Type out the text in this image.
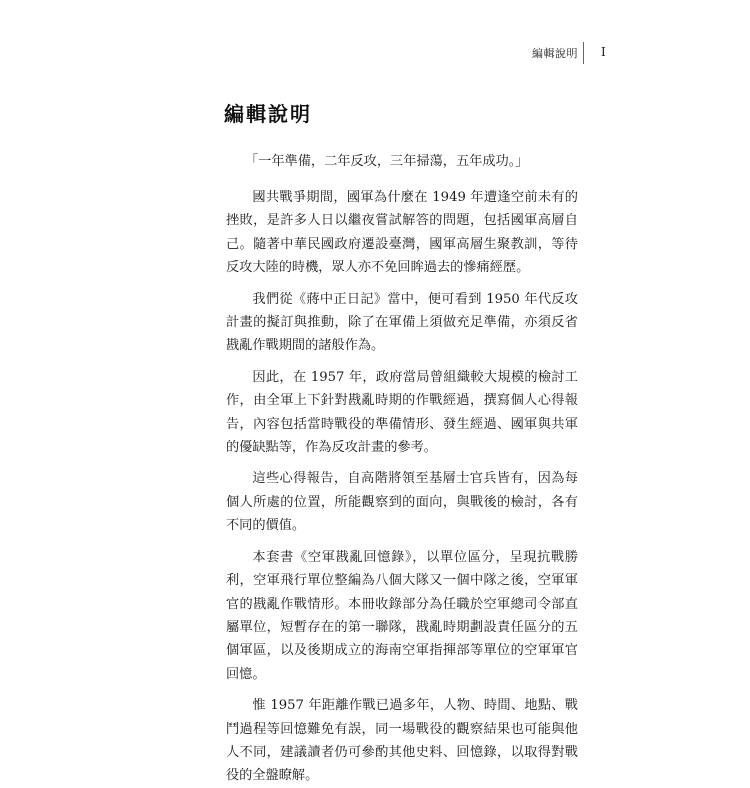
編輯說明 I
編輯說明

「一年準備，二年反攻，三年掃蕩，五年成功。」

國共戰爭期間，國軍為什麼在 1949 年遭逢空前未有的挫敗，是許多人日以繼夜嘗試解答的問題，包括國軍高層自己。隨著中華民國政府遷設臺灣，國軍高層生聚教訓，等待反攻大陸的時機，眾人亦不免回眸過去的慘痛經歷。

我們從《蔣中正日記》當中，便可看到 1950 年代反攻計畫的擬訂與推動，除了在軍備上須做充足準備，亦須反省戡亂作戰期間的諸般作為。

因此，在 1957 年，政府當局曾組織較大規模的檢討工作，由全軍上下針對戡亂時期的作戰經過，撰寫個人心得報告，內容包括當時戰役的準備情形、發生經過、國軍與共軍的優缺點等，作為反攻計畫的參考。

這些心得報告，自高階將領至基層士官兵皆有，因為每個人所處的位置，所能觀察到的面向，與戰後的檢討，各有不同的價值。

本套書《空軍戡亂回憶錄》，以單位區分，呈現抗戰勝利，空軍飛行單位整編為八個大隊又一個中隊之後，空軍軍官的戡亂作戰情形。本冊收錄部分為任職於空軍總司令部直屬單位，短暫存在的第一聯隊，戡亂時期劃設責任區分的五個軍區，以及後期成立的海南空軍指揮部等單位的空軍軍官回憶。

惟 1957 年距離作戰已過多年，人物、時間、地點、戰鬥過程等回憶難免有誤，同一場戰役的觀察結果也可能與他人不同，建議讀者仍可參酌其他史料、回憶錄，以取得對戰役的全盤瞭解。
